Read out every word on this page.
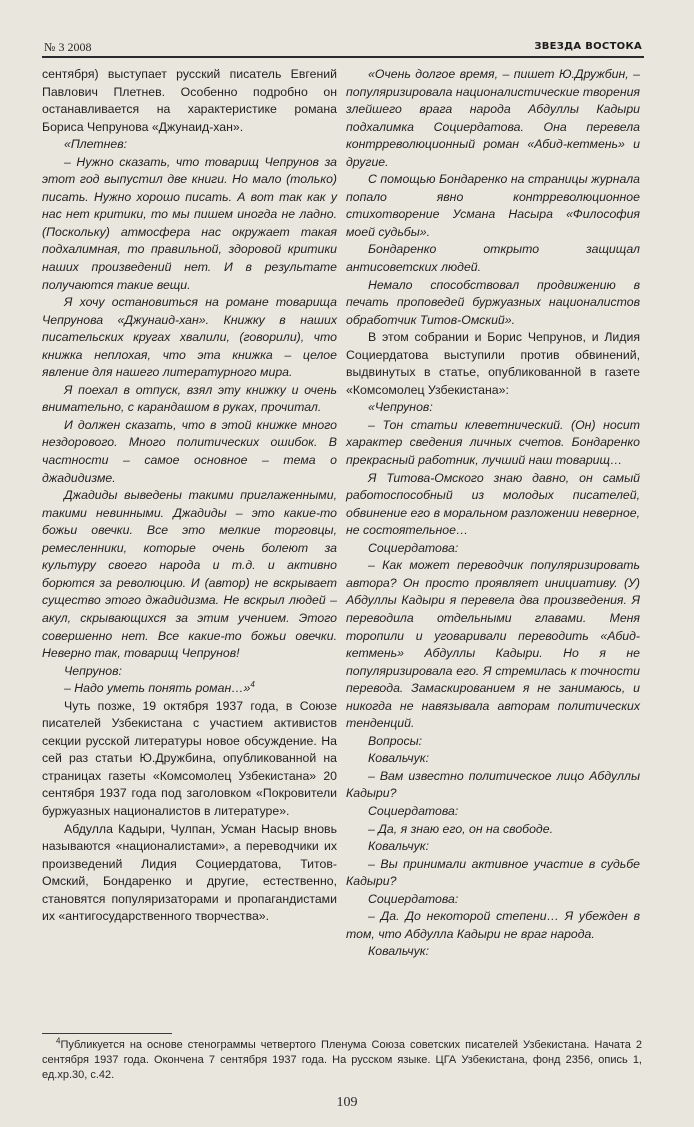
№ 3 2008	ЗВЕЗДА ВОСТОКА

сентября) выступает русский писатель Евгений Павлович Плетнев. Особенно подробно он останавливается на характеристике романа Бориса Чепрунова «Джунаид-хан».

«Плетнев:

– Нужно сказать, что товарищ Чепрунов за этот год выпустил две книги. Но мало (только) писать. Нужно хорошо писать. А вот так как у нас нет критики, то мы пишем иногда не ладно. (Поскольку) атмосфера нас окружает такая подхалимная, то правильной, здоровой критики наших произведений нет. И в результате получаются такие вещи.

Я хочу остановиться на романе товарища Чепрунова «Джунаид-хан». Книжку в наших писательских кругах хвалили, (говорили), что книжка неплохая, что эта книжка – целое явление для нашего литературного мира.

Я поехал в отпуск, взял эту книжку и очень внимательно, с карандашом в руках, прочитал.

И должен сказать, что в этой книжке много нездорового. Много политических ошибок. В частности – самое основное – тема о джадидизме.

Джадиды выведены такими приглаженными, такими невинными. Джадиды – это какие-то божьи овечки. Все это мелкие торговцы, ремесленники, которые очень болеют за культуру своего народа и т.д. и активно борются за революцию. И (автор) не вскрывает существо этого джадидизма. Не вскрыл людей – акул, скрывающихся за этим учением. Этого совершенно нет. Все какие-то божьи овечки. Неверно так, товарищ Чепрунов!

Чепрунов:

– Надо уметь понять роман…»$^4$

Чуть позже, 19 октября 1937 года, в Союзе писателей Узбекистана с участием активистов секции русской литературы новое обсуждение. На сей раз статьи Ю.Дружбина, опубликованной на страницах газеты «Комсомолец Узбекистана» 20 сентября 1937 года под заголовком «Покровители буржуазных националистов в литературе».

Абдулла Кадыри, Чулпан, Усман Насыр вновь называются «националистами», а переводчики их произведений Лидия Социердатова, Титов-Омский, Бондаренко и другие, естественно, становятся популяризаторами и пропагандистами их «антигосударственного творчества».

«Очень долгое время, – пишет Ю.Дружбин, – популяризировала националистические творения злейшего врага народа Абдуллы Кадыри подхалимка Социердатова. Она перевела контрреволюционный роман «Абид-кетмень» и другие.

С помощью Бондаренко на страницы журнала попало явно контрреволюционное стихотворение Усмана Насыра «Философия моей судьбы».

Бондаренко открыто защищал антисоветских людей.

Немало способствовал продвижению в печать проповедей буржуазных националистов обработчик Титов-Омский».

В этом собрании и Борис Чепрунов, и Лидия Социердатова выступили против обвинений, выдвинутых в статье, опубликованной в газете «Комсомолец Узбекистана»:

«Чепрунов:

– Тон статьи клеветнический. (Он) носит характер сведения личных счетов. Бондаренко прекрасный работник, лучший наш товарищ…

Я Титова-Омского знаю давно, он самый работоспособный из молодых писателей, обвинение его в моральном разложении неверное, не состоятельное…

Социердатова:

– Как может переводчик популяризировать автора? Он просто проявляет инициативу. (У) Абдуллы Кадыри я перевела два произведения. Я переводила отдельными главами. Меня торопили и уговаривали переводить «Абид-кетмень» Абдуллы Кадыри. Но я не популяризировала его. Я стремилась к точности перевода. Замаскированием я не занимаюсь, и никогда не навязывала авторам политических тенденций.

Вопросы:

Ковальчук:

– Вам известно политическое лицо Абдуллы Кадыри?

Социердатова:

– Да, я знаю его, он на свободе.

Ковальчук:

– Вы принимали активное участие в судьбе Кадыри?

Социердатова:

– Да. До некоторой степени… Я убежден в том, что Абдулла Кадыри не враг народа.

Ковальчук:

$^4$Публикуется на основе стенограммы четвертого Пленума Союза советских писателей Узбекистана. Начата 2 сентября 1937 года. Окончена 7 сентября 1937 года. На русском языке. ЦГА Узбекистана, фонд 2356, опись 1, ед.хр.30, с.42.

109
